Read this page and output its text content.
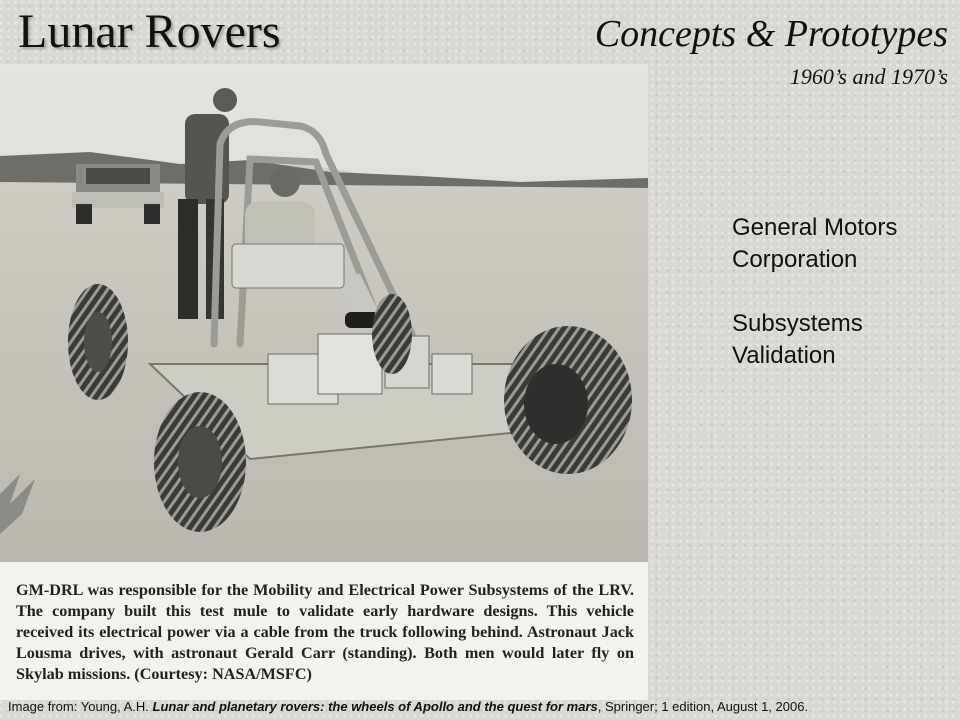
Lunar Rovers	Concepts & Prototypes
1960’s and 1970’s
GM-DRL was responsible for the Mobility and Electrical Power Subsystems of the LRV. The company built this test mule to validate early hardware designs. This vehicle received its electrical power via a cable from the truck following behind. Astronaut Jack Lousma drives, with astronaut Gerald Carr (standing). Both men would later fly on Skylab missions. (Courtesy: NASA/MSFC)
General Motors
Corporation
Subsystems
Validation
Image from: Young, A.H. Lunar and planetary rovers: the wheels of Apollo and the quest for mars, Springer; 1 edition, August 1, 2006.
